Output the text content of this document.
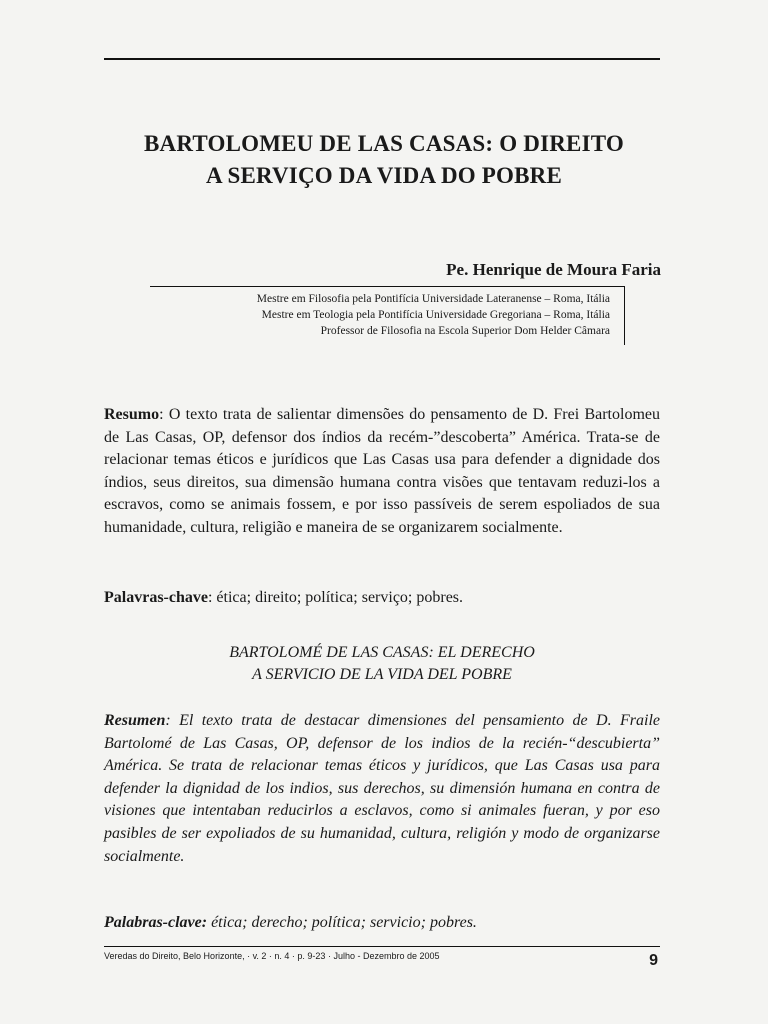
BARTOLOMEU DE LAS CASAS: O DIREITO
A SERVIÇO DA VIDA DO POBRE
Pe. Henrique de Moura Faria
Mestre em Filosofia pela Pontifícia Universidade Lateranense – Roma, Itália
Mestre em Teologia pela Pontifícia Universidade Gregoriana – Roma, Itália
Professor de Filosofia na Escola Superior Dom Helder Câmara
Resumo: O texto trata de salientar dimensões do pensamento de D. Frei Bartolomeu de Las Casas, OP, defensor dos índios da recém-”descoberta” América. Trata-se de relacionar temas éticos e jurídicos que Las Casas usa para defender a dignidade dos índios, seus direitos, sua dimensão humana contra visões que tentavam reduzi-los a escravos, como se animais fossem, e por isso passíveis de serem espoliados de sua humanidade, cultura, religião e maneira de se organizarem socialmente.
Palavras-chave: ética; direito; política; serviço; pobres.
BARTOLOMÉ DE LAS CASAS: EL DERECHO
A SERVICIO DE LA VIDA DEL POBRE
Resumen: El texto trata de destacar dimensiones del pensamiento de D. Fraile Bartolomé de Las Casas, OP, defensor de los indios de la recién-“descubierta” América. Se trata de relacionar temas éticos y jurídicos, que Las Casas usa para defender la dignidad de los indios, sus derechos, su dimensión humana en contra de visiones que intentaban reducirlos a esclavos, como si animales fueran, y por eso pasibles de ser expoliados de su humanidad, cultura, religión y modo de organizarse socialmente.
Palabras-clave: ética; derecho; política; servicio; pobres.
Veredas do Direito, Belo Horizonte, · v. 2 · n. 4 · p. 9-23 · Julho - Dezembro de 2005	9
